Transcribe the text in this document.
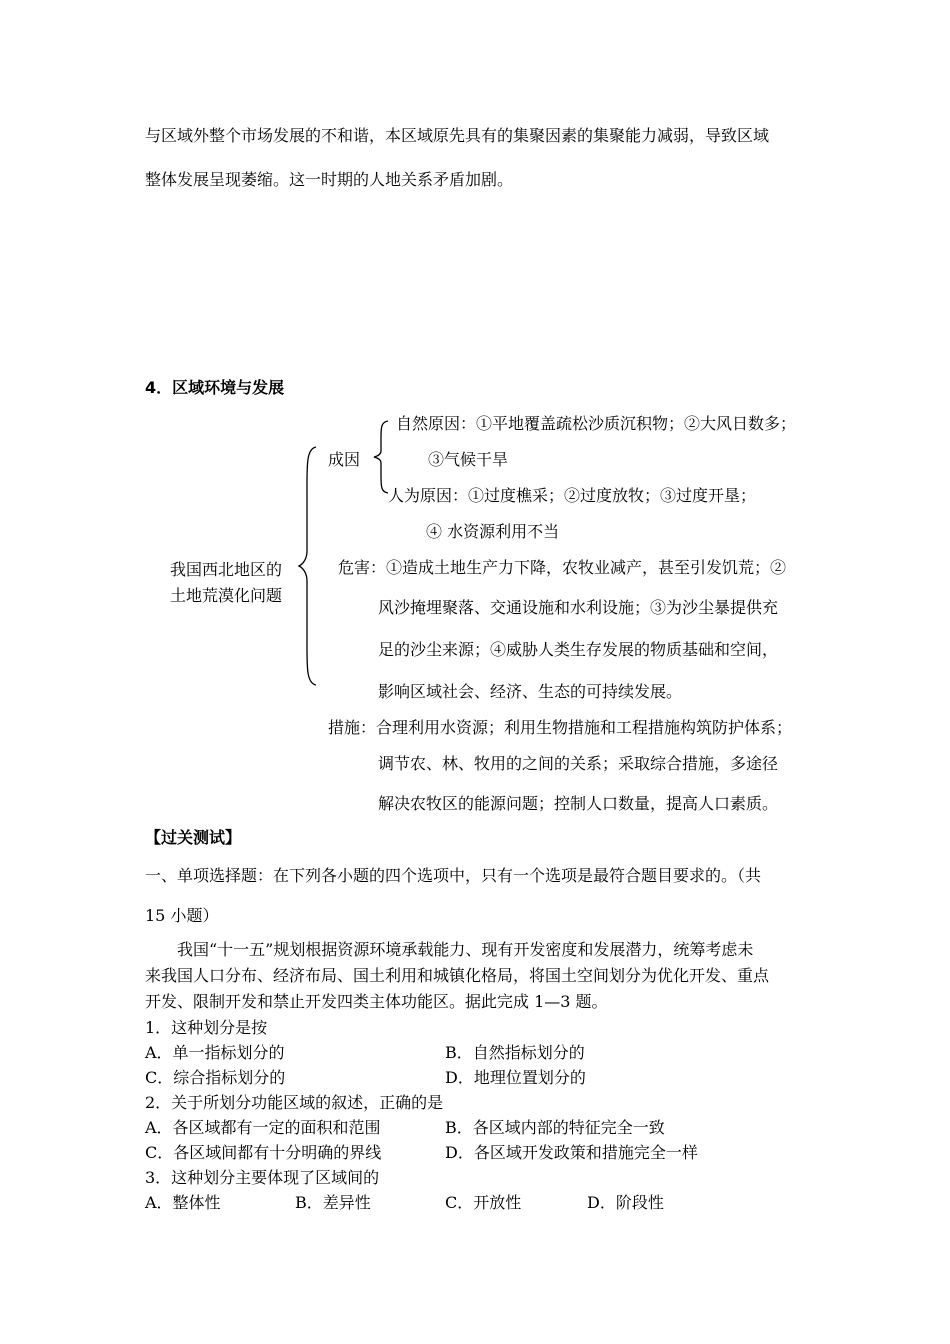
与区域外整个市场发展的不和谐，本区域原先具有的集聚因素的集聚能力减弱，导致区域
整体发展呈现萎缩。这一时期的人地关系矛盾加剧。
4．区域环境与发展
我国西北地区的
土地荒漠化问题
成因
自然原因：①平地覆盖疏松沙质沉积物；②大风日数多；
③气候干旱
人为原因：①过度樵采；②过度放牧；③过度开垦；
④ 水资源利用不当
危害：①造成土地生产力下降，农牧业减产，甚至引发饥荒；②
风沙掩埋聚落、交通设施和水利设施；③为沙尘暴提供充
足的沙尘来源；④威胁人类生存发展的物质基础和空间，
影响区域社会、经济、生态的可持续发展。
措施：合理利用水资源；利用生物措施和工程措施构筑防护体系；
调节农、林、牧用的之间的关系；采取综合措施，多途径
解决农牧区的能源问题；控制人口数量，提高人口素质。
【过关测试】
一、单项选择题：在下列各小题的四个选项中，只有一个选项是最符合题目要求的。（共
15 小题）
我国“十一五”规划根据资源环境承载能力、现有开发密度和发展潜力，统筹考虑未
来我国人口分布、经济布局、国土利用和城镇化格局，将国土空间划分为优化开发、重点
开发、限制开发和禁止开发四类主体功能区。据此完成 1—3 题。
1．这种划分是按
A．单一指标划分的	B．自然指标划分的
C．综合指标划分的	D．地理位置划分的
2．关于所划分功能区域的叙述，正确的是
A．各区域都有一定的面积和范围	B．各区域内部的特征完全一致
C．各区域间都有十分明确的界线	D．各区域开发政策和措施完全一样
3．这种划分主要体现了区域间的
A．整体性	B．差异性	C．开放性	D．阶段性
